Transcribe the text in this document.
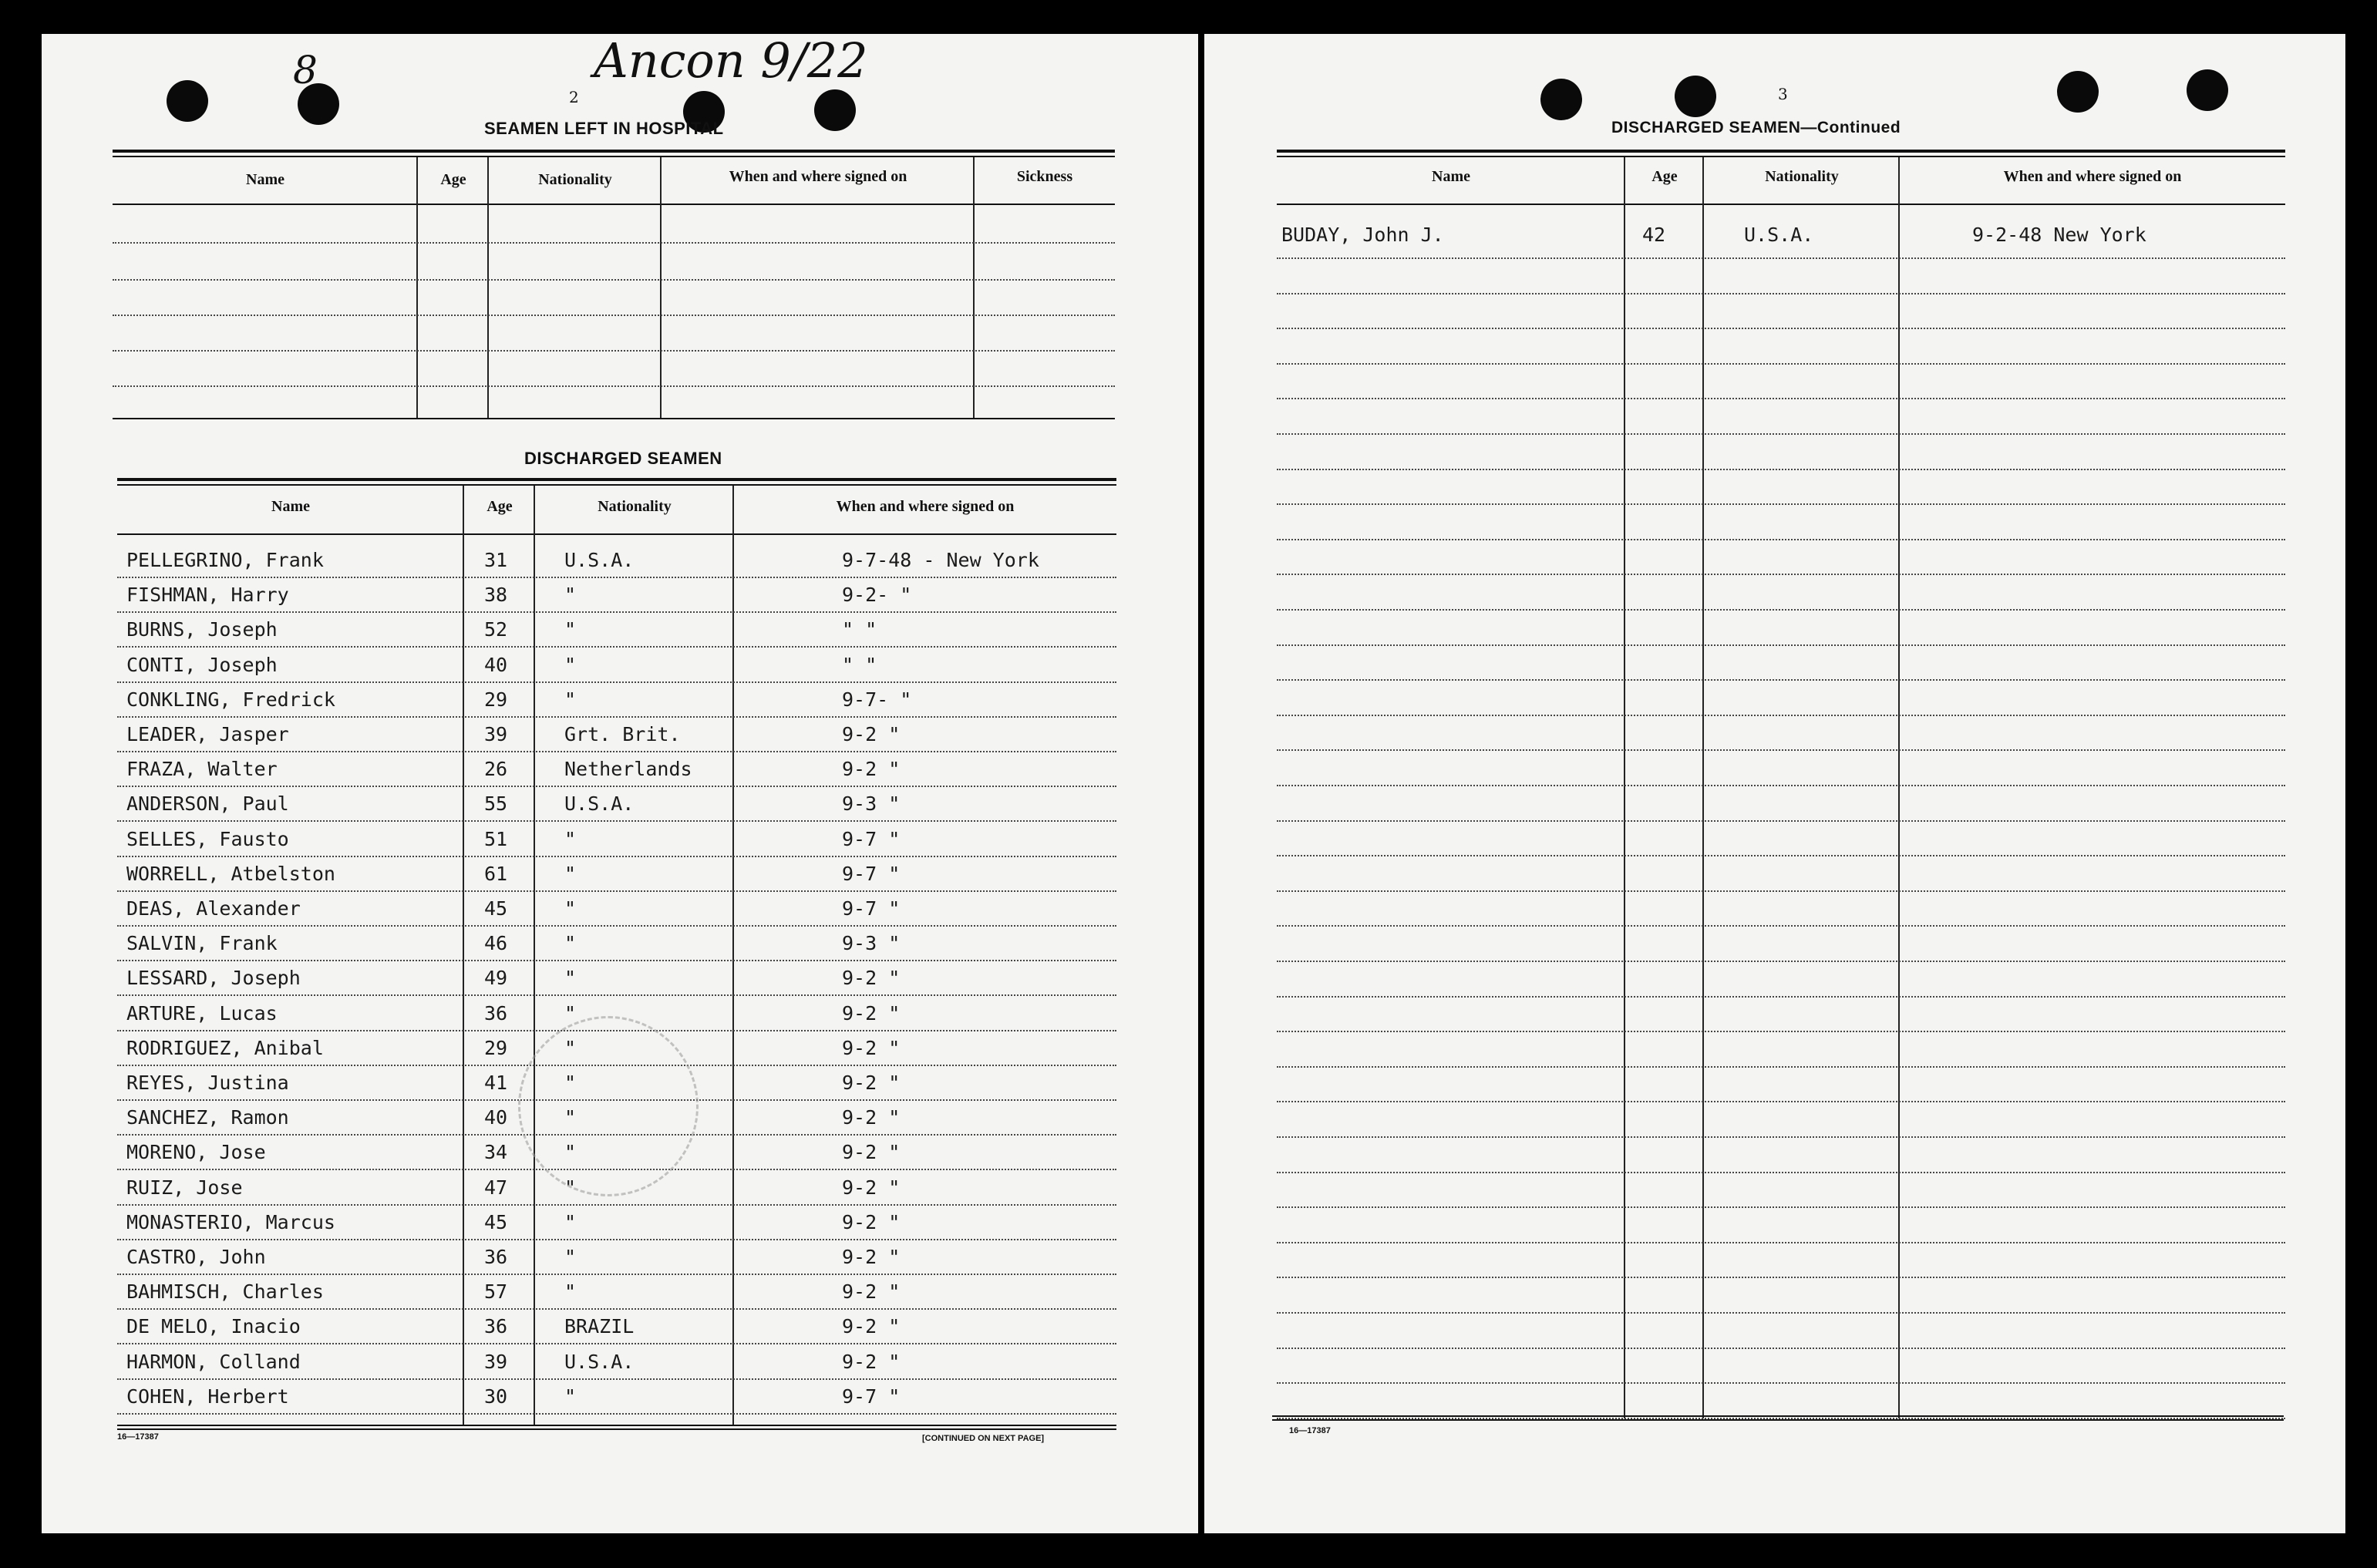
8	Ancon 9/22
2
SEAMEN LEFT IN HOSPITAL
Name	Age	Nationality	When and where signed on	Sickness
DISCHARGED SEAMEN
Name	Age	Nationality	When and where signed on
PELLEGRINO, Frank	31	U.S.A.	9-7-48 - New York
FISHMAN, Harry	38	"	9-2- "
BURNS, Joseph	52	"	" "
CONTI, Joseph	40	"	" "
CONKLING, Fredrick	29	"	9-7- "
LEADER, Jasper	39	Grt. Brit.	9-2 "
FRAZA, Walter	26	Netherlands	9-2 "
ANDERSON, Paul	55	U.S.A.	9-3 "
SELLES, Fausto	51	"	9-7 "
WORRELL, Atbelston	61	"	9-7 "
DEAS, Alexander	45	"	9-7 "
SALVIN, Frank	46	"	9-3 "
LESSARD, Joseph	49	"	9-2 "
ARTURE, Lucas	36	"	9-2 "
RODRIGUEZ, Anibal	29	"	9-2 "
REYES, Justina	41	"	9-2 "
SANCHEZ, Ramon	40	"	9-2 "
MORENO, Jose	34	"	9-2 "
RUIZ, Jose	47	"	9-2 "
MONASTERIO, Marcus	45	"	9-2 "
CASTRO, John	36	"	9-2 "
BAHMISCH, Charles	57	"	9-2 "
DE MELO, Inacio	36	BRAZIL	9-2 "
HARMON, Colland	39	U.S.A.	9-2 "
COHEN, Herbert	30	"	9-7 "
16—17387	[CONTINUED ON NEXT PAGE]
3
DISCHARGED SEAMEN—Continued
Name	Age	Nationality	When and where signed on
BUDAY, John J.	42	U.S.A.	9-2-48 New York
16—17387
